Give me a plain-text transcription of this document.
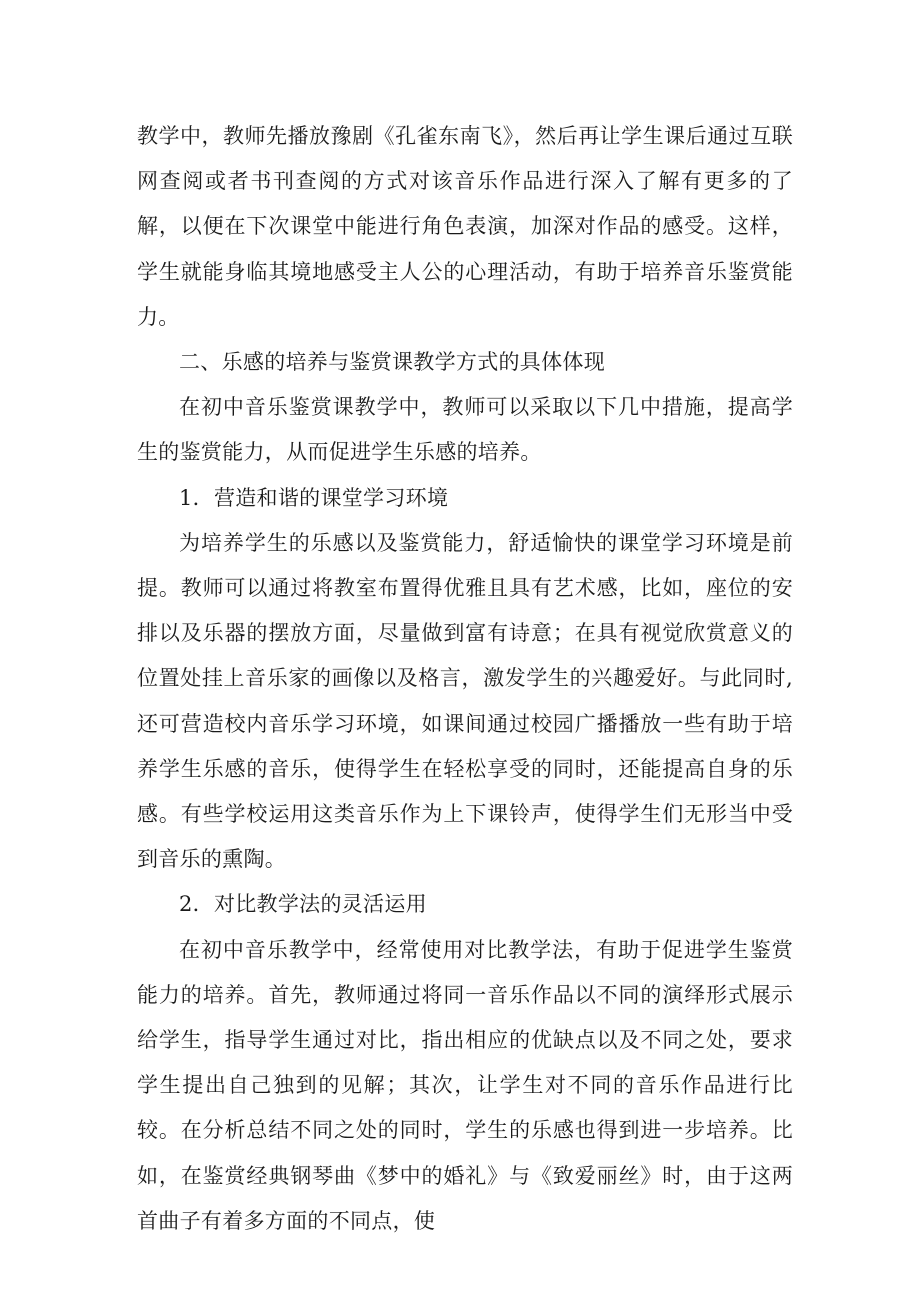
教学中，教师先播放豫剧《孔雀东南飞》，然后再让学生课后通过互联网查阅或者书刊查阅的方式对该音乐作品进行深入了解有更多的了解，以便在下次课堂中能进行角色表演，加深对作品的感受。这样，学生就能身临其境地感受主人公的心理活动，有助于培养音乐鉴赏能力。

二、乐感的培养与鉴赏课教学方式的具体体现

在初中音乐鉴赏课教学中，教师可以采取以下几中措施，提高学生的鉴赏能力，从而促进学生乐感的培养。

1．营造和谐的课堂学习环境

为培养学生的乐感以及鉴赏能力，舒适愉快的课堂学习环境是前提。教师可以通过将教室布置得优雅且具有艺术感，比如，座位的安排以及乐器的摆放方面，尽量做到富有诗意；在具有视觉欣赏意义的位置处挂上音乐家的画像以及格言，激发学生的兴趣爱好。与此同时,还可营造校内音乐学习环境，如课间通过校园广播播放一些有助于培养学生乐感的音乐，使得学生在轻松享受的同时，还能提高自身的乐感。有些学校运用这类音乐作为上下课铃声，使得学生们无形当中受到音乐的熏陶。

2．对比教学法的灵活运用

在初中音乐教学中，经常使用对比教学法，有助于促进学生鉴赏能力的培养。首先，教师通过将同一音乐作品以不同的演绎形式展示给学生，指导学生通过对比，指出相应的优缺点以及不同之处，要求学生提出自己独到的见解；其次，让学生对不同的音乐作品进行比较。在分析总结不同之处的同时，学生的乐感也得到进一步培养。比如，在鉴赏经典钢琴曲《梦中的婚礼》与《致爱丽丝》时，由于这两首曲子有着多方面的不同点，使
